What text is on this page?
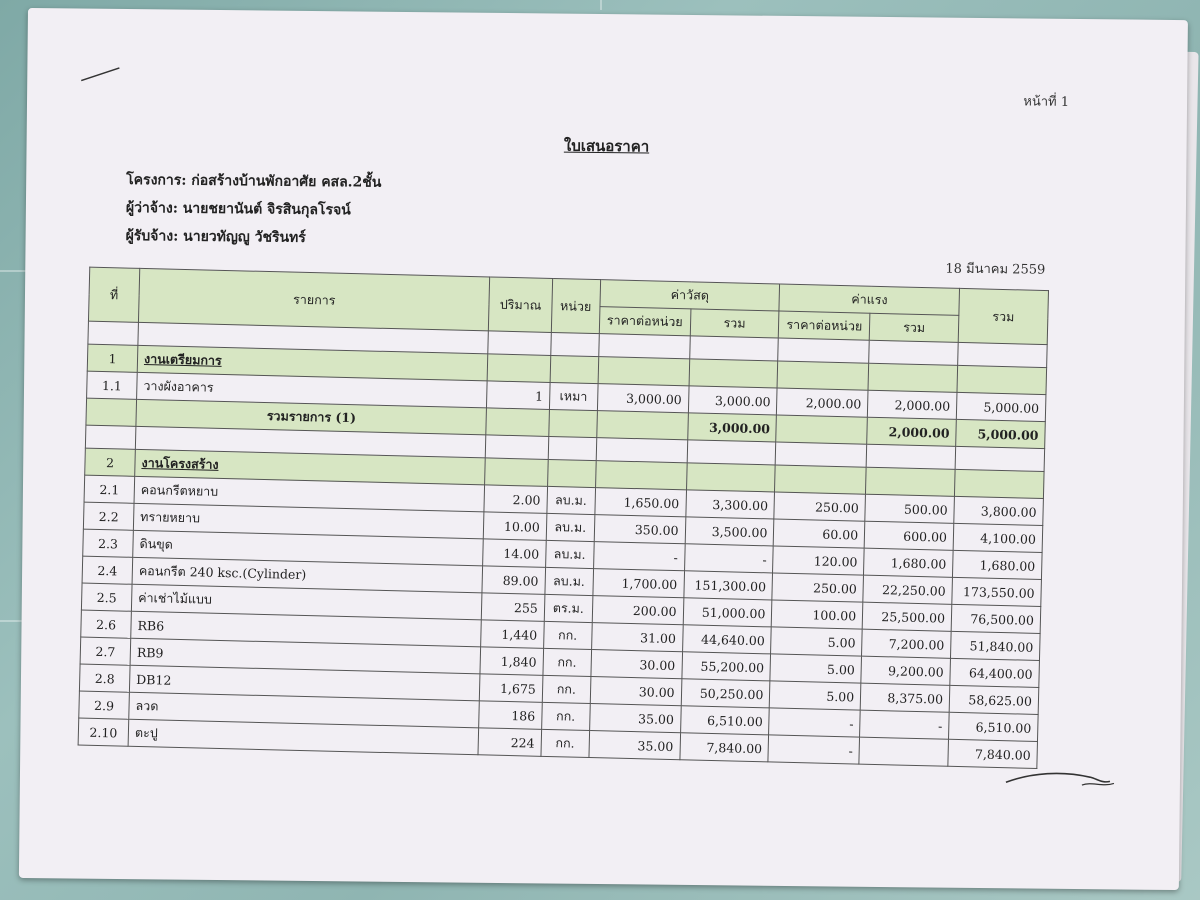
หน้าที่ 1
ใบเสนอราคา
โครงการ: ก่อสร้างบ้านพักอาศัย คสล.2ชั้น
ผู้ว่าจ้าง: นายชยานันต์ จิรสินกุลโรจน์
ผู้รับจ้าง: นายวทัญญู วัชรินทร์
18 มีนาคม 2559
ที่	รายการ	ปริมาณ	หน่วย	ค่าวัสดุ		ค่าแรง		รวม
				ราคาต่อหน่วย	รวม	ราคาต่อหน่วย	รวม	

1	งานเตรียมการ							
1.1	วางผังอาคาร	1	เหมา	3,000.00	3,000.00	2,000.00	2,000.00	5,000.00
	รวมรายการ (1)				3,000.00		2,000.00	5,000.00

2	งานโครงสร้าง							
2.1	คอนกรีตหยาบ	2.00	ลบ.ม.	1,650.00	3,300.00	250.00	500.00	3,800.00
2.2	ทรายหยาบ	10.00	ลบ.ม.	350.00	3,500.00	60.00	600.00	4,100.00
2.3	ดินขุด	14.00	ลบ.ม.	-	-	120.00	1,680.00	1,680.00
2.4	คอนกรีต 240 ksc.(Cylinder)	89.00	ลบ.ม.	1,700.00	151,300.00	250.00	22,250.00	173,550.00
2.5	ค่าเช่าไม้แบบ	255	ตร.ม.	200.00	51,000.00	100.00	25,500.00	76,500.00
2.6	RB6	1,440	กก.	31.00	44,640.00	5.00	7,200.00	51,840.00
2.7	RB9	1,840	กก.	30.00	55,200.00	5.00	9,200.00	64,400.00
2.8	DB12	1,675	กก.	30.00	50,250.00	5.00	8,375.00	58,625.00
2.9	ลวด	186	กก.	35.00	6,510.00	-	-	6,510.00
2.10	ตะปู	224	กก.	35.00	7,840.00	-		7,840.00
